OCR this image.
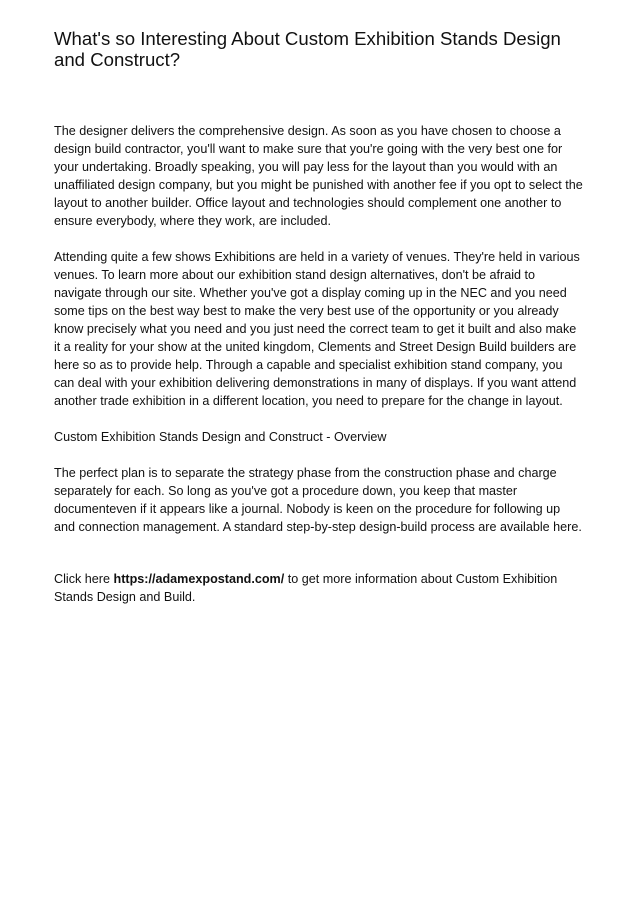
What's so Interesting About Custom Exhibition Stands Design and Construct?

The designer delivers the comprehensive design. As soon as you have chosen to choose a design build contractor, you'll want to make sure that you're going with the very best one for your undertaking. Broadly speaking, you will pay less for the layout than you would with an unaffiliated design company, but you might be punished with another fee if you opt to select the layout to another builder. Office layout and technologies should complement one another to ensure everybody, where they work, are included.

Attending quite a few shows Exhibitions are held in a variety of venues. They're held in various venues. To learn more about our exhibition stand design alternatives, don't be afraid to navigate through our site. Whether you've got a display coming up in the NEC and you need some tips on the best way best to make the very best use of the opportunity or you already know precisely what you need and you just need the correct team to get it built and also make it a reality for your show at the united kingdom, Clements and Street Design Build builders are here so as to provide help. Through a capable and specialist exhibition stand company, you can deal with your exhibition delivering demonstrations in many of displays. If you want attend another trade exhibition in a different location, you need to prepare for the change in layout.

Custom Exhibition Stands Design and Construct - Overview

The perfect plan is to separate the strategy phase from the construction phase and charge separately for each. So long as you've got a procedure down, you keep that master documenteven if it appears like a journal. Nobody is keen on the procedure for following up and connection management. A standard step-by-step design-build process are available here.

Click here https://adamexpostand.com/ to get more information about Custom Exhibition Stands Design and Build.
